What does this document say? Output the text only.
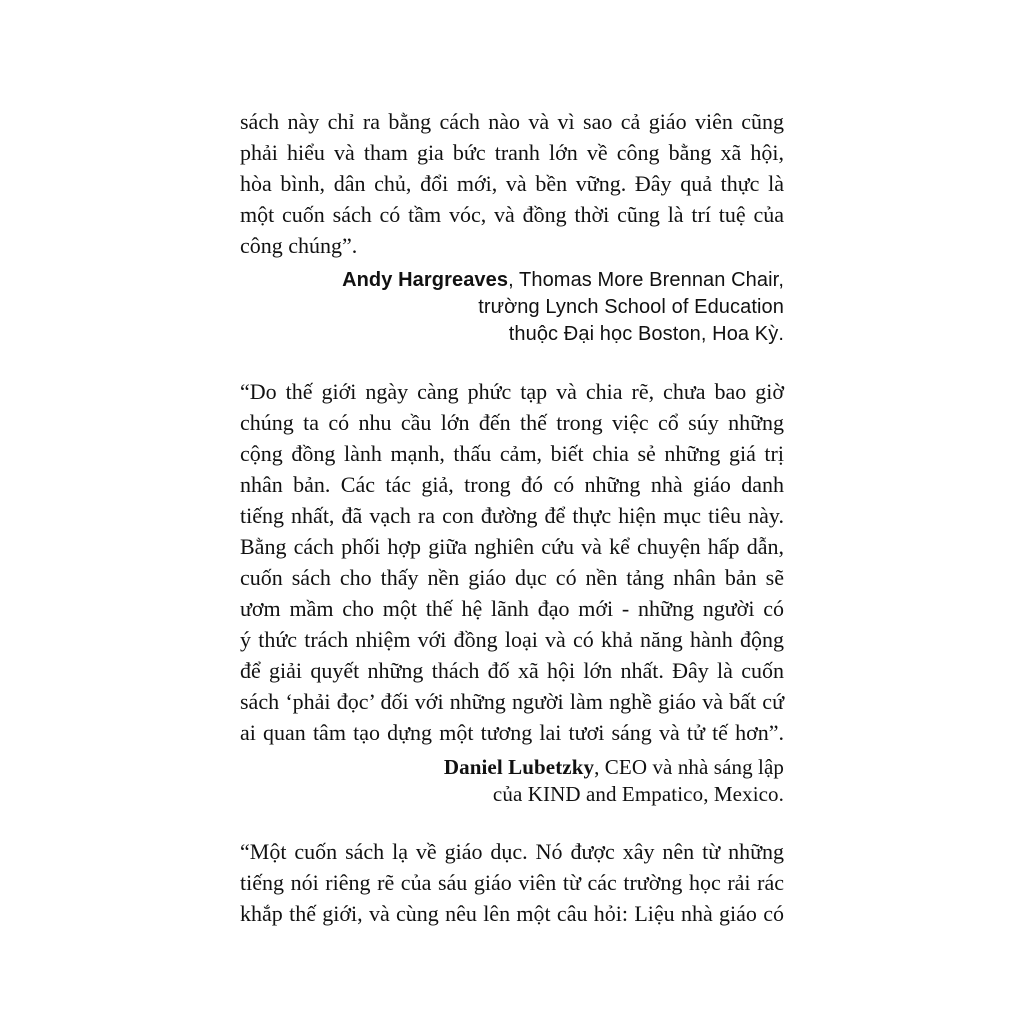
sách này chỉ ra bằng cách nào và vì sao cả giáo viên cũng
phải hiểu và tham gia bức tranh lớn về công bằng xã hội,
hòa bình, dân chủ, đổi mới, và bền vững. Đây quả thực là
một cuốn sách có tầm vóc, và đồng thời cũng là trí tuệ của
công chúng”.
Andy Hargreaves, Thomas More Brennan Chair,
trường Lynch School of Education
thuộc Đại học Boston, Hoa Kỳ.
“Do thế giới ngày càng phức tạp và chia rẽ, chưa bao giờ
chúng ta có nhu cầu lớn đến thế trong việc cổ súy những
cộng đồng lành mạnh, thấu cảm, biết chia sẻ những giá trị
nhân bản. Các tác giả, trong đó có những nhà giáo danh
tiếng nhất, đã vạch ra con đường để thực hiện mục tiêu này.
Bằng cách phối hợp giữa nghiên cứu và kể chuyện hấp dẫn,
cuốn sách cho thấy nền giáo dục có nền tảng nhân bản sẽ
ươm mầm cho một thế hệ lãnh đạo mới - những người có
ý thức trách nhiệm với đồng loại và có khả năng hành động
để giải quyết những thách đố xã hội lớn nhất. Đây là cuốn
sách ‘phải đọc’ đối với những người làm nghề giáo và bất cứ
ai quan tâm tạo dựng một tương lai tươi sáng và tử tế hơn”.
Daniel Lubetzky, CEO và nhà sáng lập
của KIND and Empatico, Mexico.
“Một cuốn sách lạ về giáo dục. Nó được xây nên từ những
tiếng nói riêng rẽ của sáu giáo viên từ các trường học rải rác
khắp thế giới, và cùng nêu lên một câu hỏi: Liệu nhà giáo có
